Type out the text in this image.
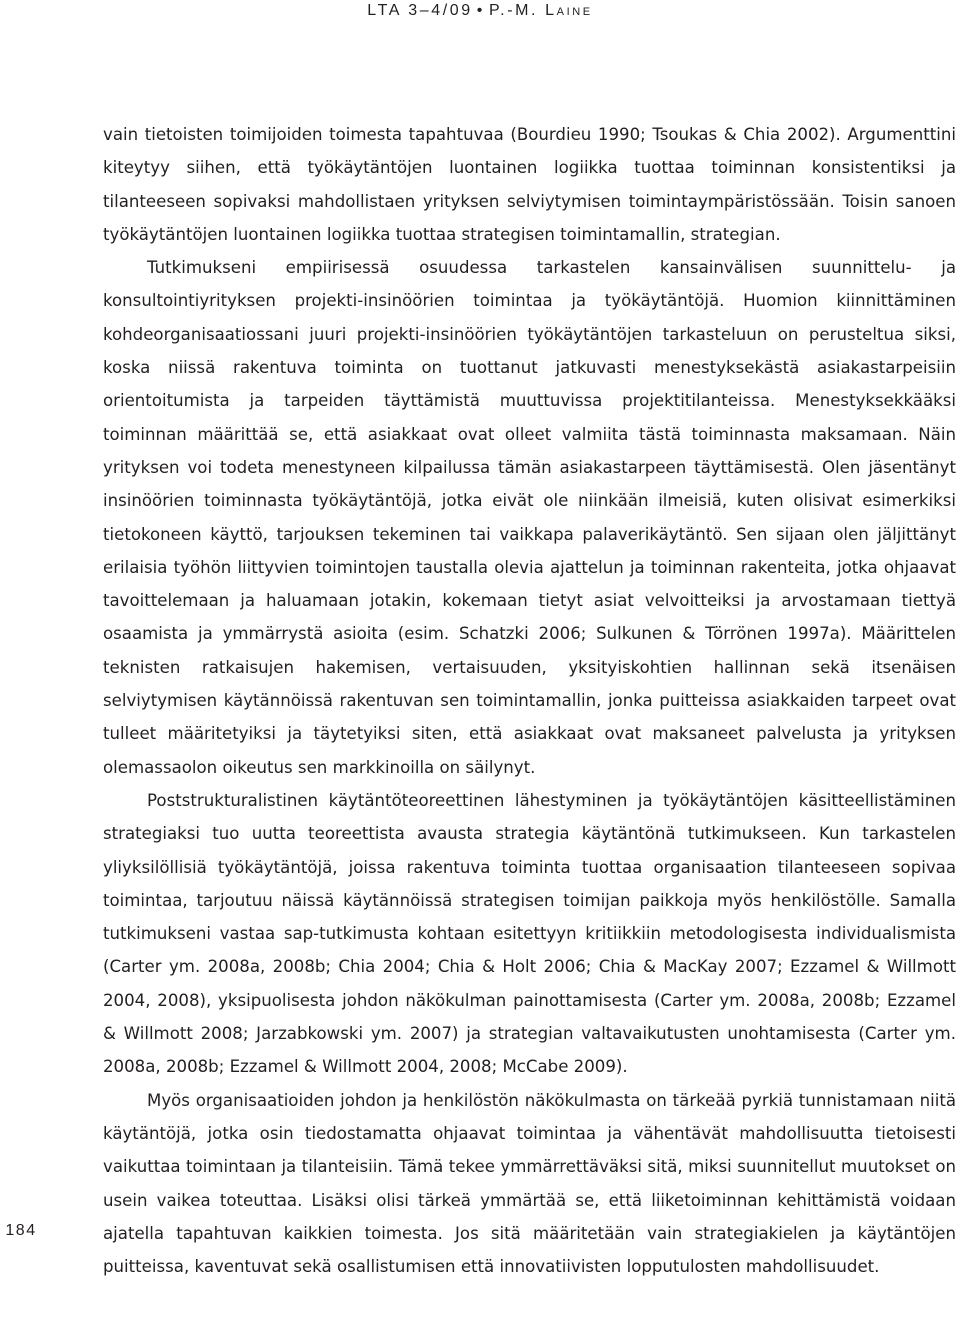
LTA 3–4/09 • P.-M. Laine

vain tietoisten toimijoiden toimesta tapahtuvaa (Bourdieu 1990; Tsoukas & Chia 2002). Argumenttini kiteytyy siihen, että työkäytäntöjen luontainen logiikka tuottaa toiminnan konsistentiksi ja tilanteeseen sopivaksi mahdollistaen yrityksen selviytymisen toimintaympäristössään. Toisin sanoen työkäytäntöjen luontainen logiikka tuottaa strategisen toimintamallin, strategian.

Tutkimukseni empiirisessä osuudessa tarkastelen kansainvälisen suunnittelu- ja konsultointiyrityksen projekti-insinöörien toimintaa ja työkäytäntöjä. Huomion kiinnittäminen kohdeorganisaatiossani juuri projekti-insinöörien työkäytäntöjen tarkasteluun on perusteltua siksi, koska niissä rakentuva toiminta on tuottanut jatkuvasti menestyksekästä asiakastarpeisiin orientoitumista ja tarpeiden täyttämistä muuttuvissa projektitilanteissa. Menestyksekkääksi toiminnan määrittää se, että asiakkaat ovat olleet valmiita tästä toiminnasta maksamaan. Näin yrityksen voi todeta menestyneen kilpailussa tämän asiakastarpeen täyttämisestä. Olen jäsentänyt insinöörien toiminnasta työkäytäntöjä, jotka eivät ole niinkään ilmeisiä, kuten olisivat esimerkiksi tietokoneen käyttö, tarjouksen tekeminen tai vaikkapa palaverikäytäntö. Sen sijaan olen jäljittänyt erilaisia työhön liittyvien toimintojen taustalla olevia ajattelun ja toiminnan rakenteita, jotka ohjaavat tavoittelemaan ja haluamaan jotakin, kokemaan tietyt asiat velvoitteiksi ja arvostamaan tiettyä osaamista ja ymmärrystä asioita (esim. Schatzki 2006; Sulkunen & Törrönen 1997a). Määrittelen teknisten ratkaisujen hakemisen, vertaisuuden, yksityiskohtien hallinnan sekä itsenäisen selviytymisen käytännöissä rakentuvan sen toimintamallin, jonka puitteissa asiakkaiden tarpeet ovat tulleet määritetyiksi ja täytetyiksi siten, että asiakkaat ovat maksaneet palvelusta ja yrityksen olemassaolon oikeutus sen markkinoilla on säilynyt.

Poststrukturalistinen käytäntöteoreettinen lähestyminen ja työkäytäntöjen käsitteellistäminen strategiaksi tuo uutta teoreettista avausta strategia käytäntönä tutkimukseen. Kun tarkastelen yliyksilöllisiä työkäytäntöjä, joissa rakentuva toiminta tuottaa organisaation tilanteeseen sopivaa toimintaa, tarjoutuu näissä käytännöissä strategisen toimijan paikkoja myös henkilöstölle. Samalla tutkimukseni vastaa sap-tutkimusta kohtaan esitettyyn kritiikkiin metodologisesta individualismista (Carter ym. 2008a, 2008b; Chia 2004; Chia & Holt 2006; Chia & MacKay 2007; Ezzamel & Willmott 2004, 2008), yksipuolisesta johdon näkökulman painottamisesta (Carter ym. 2008a, 2008b; Ezzamel & Willmott 2008; Jarzabkowski ym. 2007) ja strategian valtavaikutusten unohtamisesta (Carter ym. 2008a, 2008b; Ezzamel & Willmott 2004, 2008; McCabe 2009).

Myös organisaatioiden johdon ja henkilöstön näkökulmasta on tärkeää pyrkiä tunnistamaan niitä käytäntöjä, jotka osin tiedostamatta ohjaavat toimintaa ja vähentävät mahdollisuutta tietoisesti vaikuttaa toimintaan ja tilanteisiin. Tämä tekee ymmärrettäväksi sitä, miksi suunnitellut muutokset on usein vaikea toteuttaa. Lisäksi olisi tärkeä ymmärtää se, että liiketoiminnan kehittämistä voidaan ajatella tapahtuvan kaikkien toimesta. Jos sitä määritetään vain strategiakielen ja käytäntöjen puitteissa, kaventuvat sekä osallistumisen että innovatiivisten lopputulosten mahdollisuudet.

184
